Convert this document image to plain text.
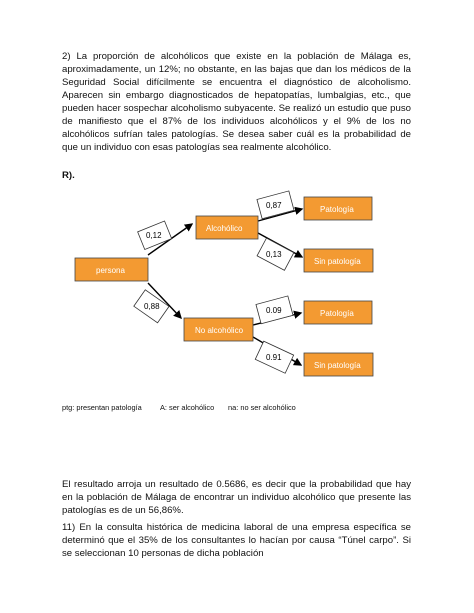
2) La proporción de alcohólicos que existe en la población de Málaga es, aproximadamente, un 12%; no obstante, en las bajas que dan los médicos de la Seguridad Social difícilmente se encuentra el diagnóstico de alcoholismo. Aparecen sin embargo diagnosticados de hepatopatías, lumbalgias, etc., que pueden hacer sospechar alcoholismo subyacente. Se realizó un estudio que puso de manifiesto que el 87% de los individuos alcohólicos y el 9% de los no alcohólicos sufrían tales patologías. Se desea saber cuál es la probabilidad de que un individuo con esas patologías sea realmente alcohólico.
R).
persona
Alcohólico
No alcohólico
Patología
Sin patología
Patología
Sin patología
0,12
0,88
0,87
0,13
0.09
0.91
ptg: presentan patología A: ser alcohólico na: no ser alcohólico
El resultado arroja un resultado de 0.5686, es decir que la probabilidad que hay en la población de Málaga de encontrar un individuo alcohólico que presente las patologías es de un 56,86%.
11) En la consulta histórica de medicina laboral de una empresa específica se determinó que el 35% de los consultantes lo hacían por causa “Túnel carpo”. Si se seleccionan 10 personas de dicha población
